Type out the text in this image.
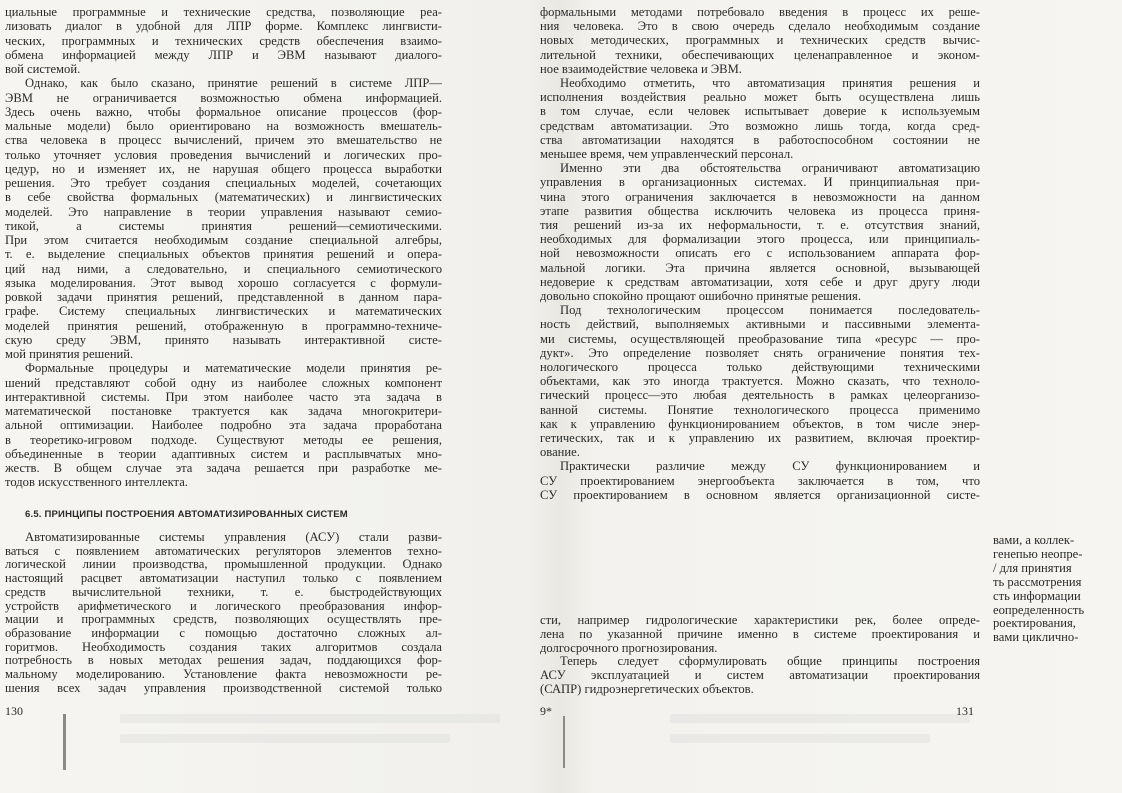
циальные программные и технические средства, позволяющие реа-
лизовать диалог в удобной для ЛПР форме. Комплекс лингвисти-
ческих, программных и технических средств обеспечения взаимо-
обмена информацией между ЛПР и ЭВМ называют диалого-
вой системой.
Однако, как было сказано, принятие решений в системе ЛПР—
ЭВМ не ограничивается возможностью обмена информацией.
Здесь очень важно, чтобы формальное описание процессов (фор-
мальные модели) было ориентировано на возможность вмешатель-
ства человека в процесс вычислений, причем это вмешательство не
только уточняет условия проведения вычислений и логических про-
цедур, но и изменяет их, не нарушая общего процесса выработки
решения. Это требует создания специальных моделей, сочетающих
в себе свойства формальных (математических) и лингвистических
моделей. Это направление в теории управления называют семио-
тикой, а системы принятия решений—семиотическими.
При этом считается необходимым создание специальной алгебры,
т. е. выделение специальных объектов принятия решений и опера-
ций над ними, а следовательно, и специального семиотического
языка моделирования. Этот вывод хорошо согласуется с формули-
ровкой задачи принятия решений, представленной в данном пара-
графе. Систему специальных лингвистических и математических
моделей принятия решений, отображенную в программно-техниче-
скую среду ЭВМ, принято называть интерактивной систе-
мой принятия решений.
Формальные процедуры и математические модели принятия ре-
шений представляют собой одну из наиболее сложных компонент
интерактивной системы. При этом наиболее часто эта задача в
математической постановке трактуется как задача многокритери-
альной оптимизации. Наиболее подробно эта задача проработана
в теоретико-игровом подходе. Существуют методы ее решения,
объединенные в теории адаптивных систем и расплывчатых мно-
жеств. В общем случае эта задача решается при разработке ме-
тодов искусственного интеллекта.
6.5. ПРИНЦИПЫ ПОСТРОЕНИЯ АВТОМАТИЗИРОВАННЫХ СИСТЕМ
Автоматизированные системы управления (АСУ) стали разви-
ваться с появлением автоматических регуляторов элементов техно-
логической линии производства, промышленной продукции. Однако
настоящий расцвет автоматизации наступил только с появлением
средств вычислительной техники, т. е. быстродействующих
устройств арифметического и логического преобразования инфор-
мации и программных средств, позволяющих осуществлять пре-
образование информации с помощью достаточно сложных ал-
горитмов. Необходимость создания таких алгоритмов создала
потребность в новых методах решения задач, поддающихся фор-
мальному моделированию. Установление факта невозможности ре-
шения всех задач управления производственной системой только
130
формальными методами потребовало введения в процесс их реше-
ния человека. Это в свою очередь сделало необходимым создание
новых методических, программных и технических средств вычис-
лительной техники, обеспечивающих целенаправленное и эконом-
ное взаимодействие человека и ЭВМ.
Необходимо отметить, что автоматизация принятия решения и
исполнения воздействия реально может быть осуществлена лишь
в том случае, если человек испытывает доверие к используемым
средствам автоматизации. Это возможно лишь тогда, когда сред-
ства автоматизации находятся в работоспособном состоянии не
меньшее время, чем управленческий персонал.
Именно эти два обстоятельства ограничивают автоматизацию
управления в организационных системах. И принципиальная при-
чина этого ограничения заключается в невозможности на данном
этапе развития общества исключить человека из процесса приня-
тия решений из-за их неформальности, т. е. отсутствия знаний,
необходимых для формализации этого процесса, или принципиаль-
ной невозможности описать его с использованием аппарата фор-
мальной логики. Эта причина является основной, вызывающей
недоверие к средствам автоматизации, хотя себе и друг другу люди
довольно спокойно прощают ошибочно принятые решения.
Под технологическим процессом понимается последователь-
ность действий, выполняемых активными и пассивными элемента-
ми системы, осуществляющей преобразование типа «ресурс — про-
дукт». Это определение позволяет снять ограничение понятия тех-
нологического процесса только действующими техническими
объектами, как это иногда трактуется. Можно сказать, что техноло-
гический процесс—это любая деятельность в рамках целеорганизо-
ванной системы. Понятие технологического процесса применимо
как к управлению функционированием объектов, в том числе энер-
гетических, так и к управлению их развитием, включая проектир-
ование.
Практически различие между СУ функционированием и
СУ проектированием энергообъекта заключается в том, что
СУ проектированием в основном является организационной систе-
сти, например гидрологические характеристики рек, более опреде-
лена по указанной причине именно в системе проектирования и
долгосрочного прогнозирования.
Теперь следует сформулировать общие принципы построения
АСУ эксплуатацией и систем автоматизации проектирования
(САПР) гидроэнергетических объектов.
9*	131
вами, а коллек-
генепью неопре-
/ для принятия
ть рассмотрения
сть информации
еопределенность
роектирования,
вами циклично-
